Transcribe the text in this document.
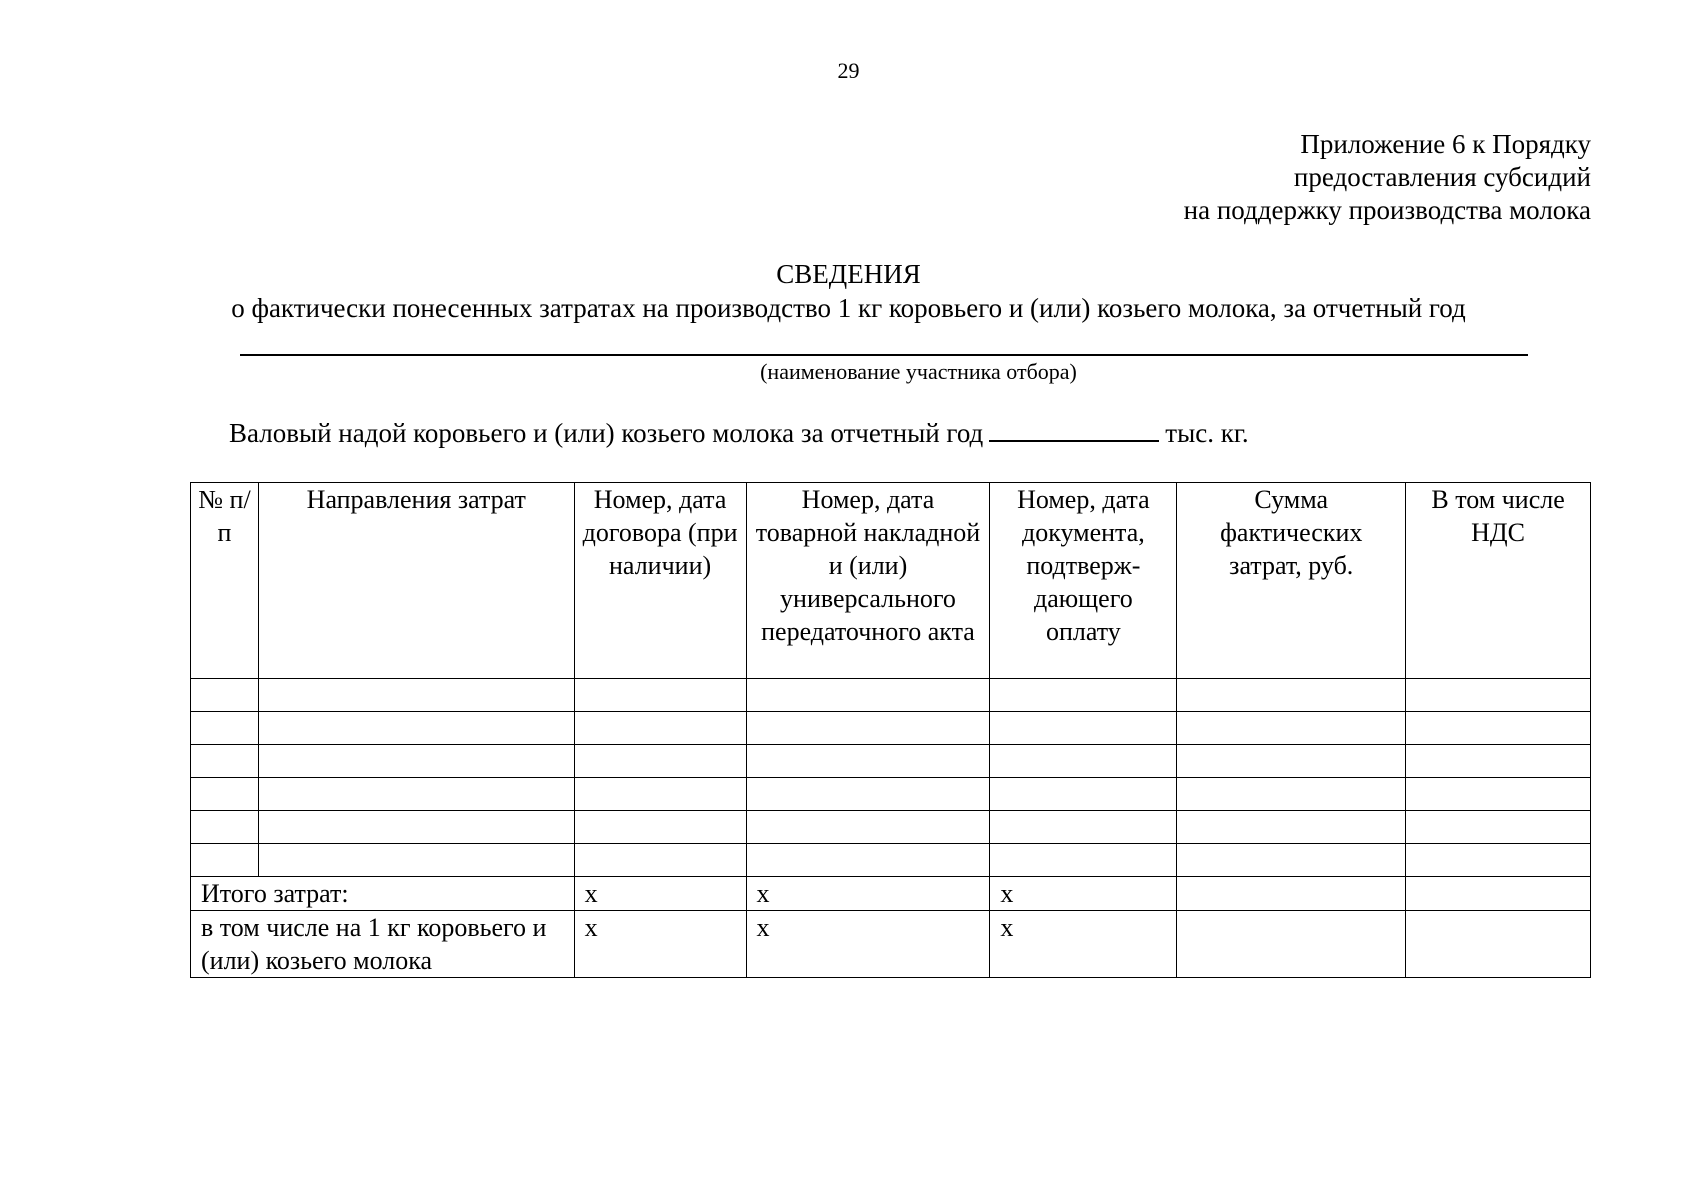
29
Приложение 6 к Порядку
предоставления субсидий
на поддержку производства молока
СВЕДЕНИЯ
о фактически понесенных затратах на производство 1 кг коровьего и (или) козьего молока, за отчетный год
(наименование участника отбора)
Валовый надой коровьего и (или) козьего молока за отчетный год	тыс. кг.
№ п/п	Направления затрат	Номер, дата договора (при наличии)	Номер, дата товарной накладной и (или) универсального передаточного акта	Номер, дата документа, подтверж-дающего оплату	Сумма фактических затрат, руб.	В том числе НДС

Итого затрат:		х	х	х		
в том числе на 1 кг коровьего и (или) козьего молока		х	х	х		
